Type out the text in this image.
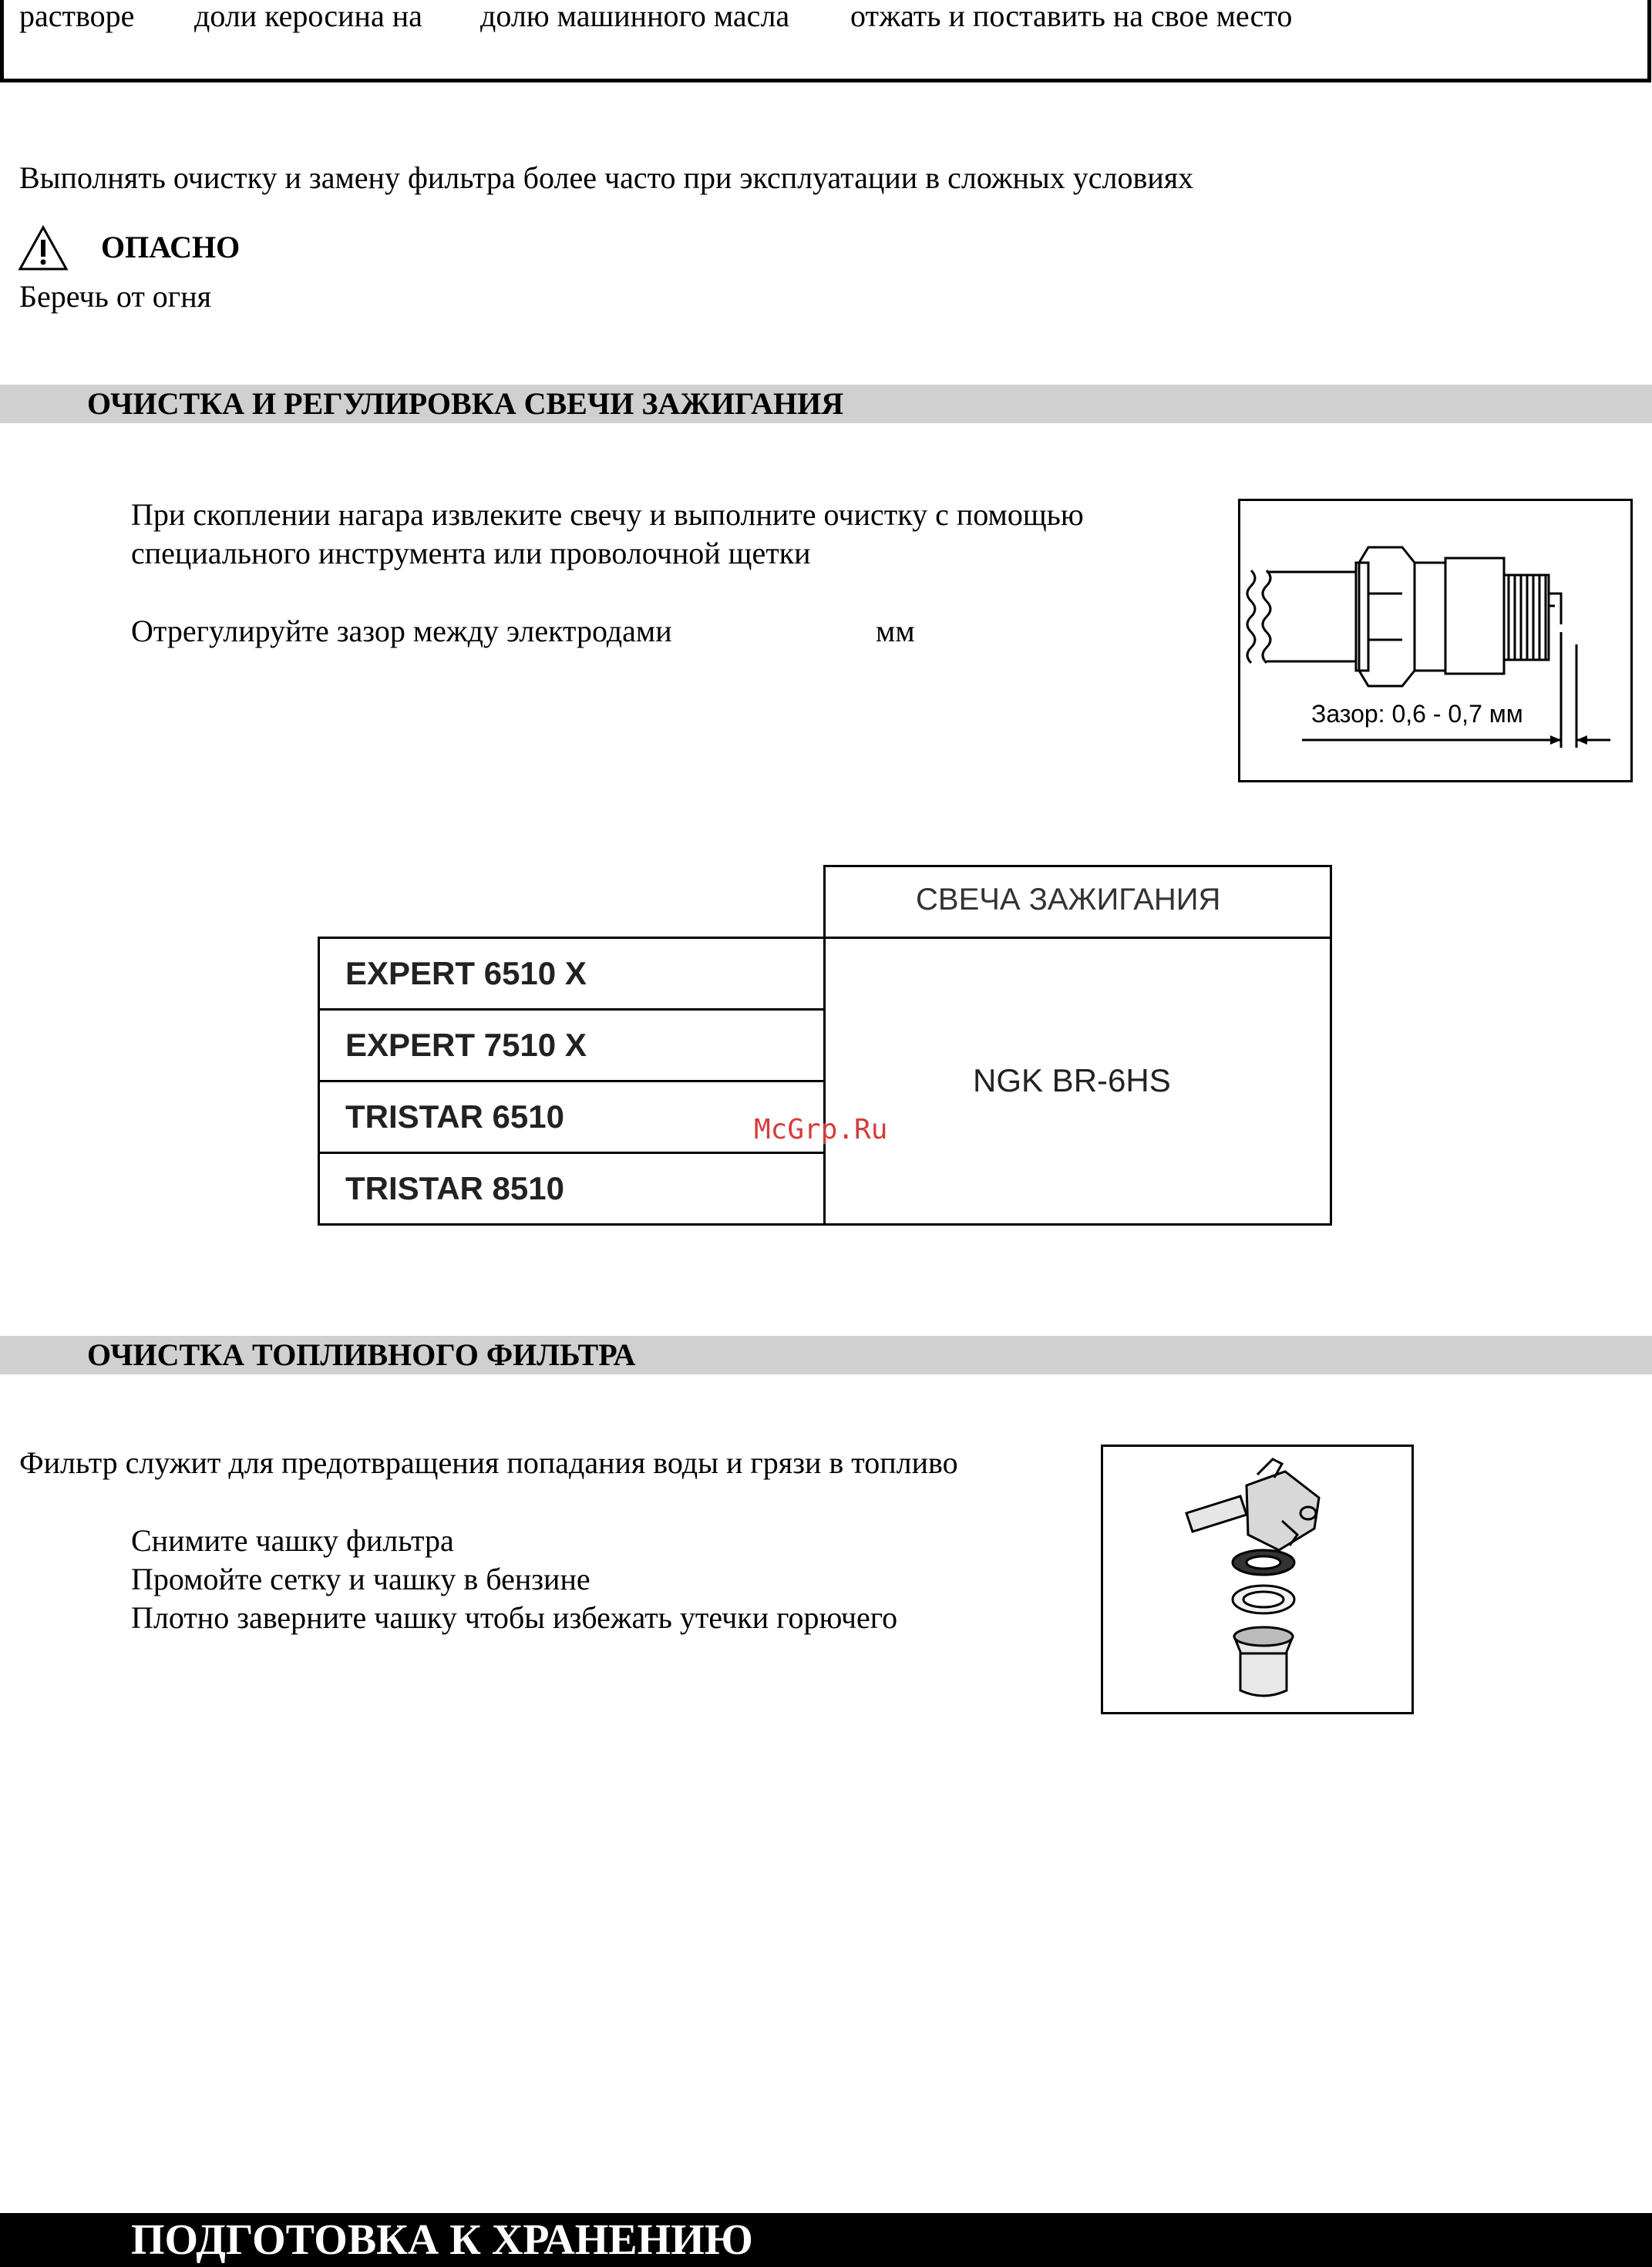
растворе доли керосина на долю машинного масла отжать и поставить на свое место
Выполнять очистку и замену фильтра более часто при эксплуатации в сложных условиях
ОПАСНО
Беречь от огня
ОЧИСТКА И РЕГУЛИРОВКА СВЕЧИ ЗАЖИГАНИЯ
При скоплении нагара извлеките свечу и выполните очистку с помощью
специального инструмента или проволочной щетки
Отрегулируйте зазор между электродами	мм
Зазор: 0,6 - 0,7 мм
СВЕЧА ЗАЖИГАНИЯ
EXPERT 6510 X
EXPERT 7510 X
TRISTAR 6510
TRISTAR 8510
NGK BR-6HS
McGrp.Ru
ОЧИСТКА ТОПЛИВНОГО ФИЛЬТРА
Фильтр служит для предотвращения попадания воды и грязи в топливо
Снимите чашку фильтра
Промойте сетку и чашку в бензине
Плотно заверните чашку чтобы избежать утечки горючего
ПОДГОТОВКА К ХРАНЕНИЮ
